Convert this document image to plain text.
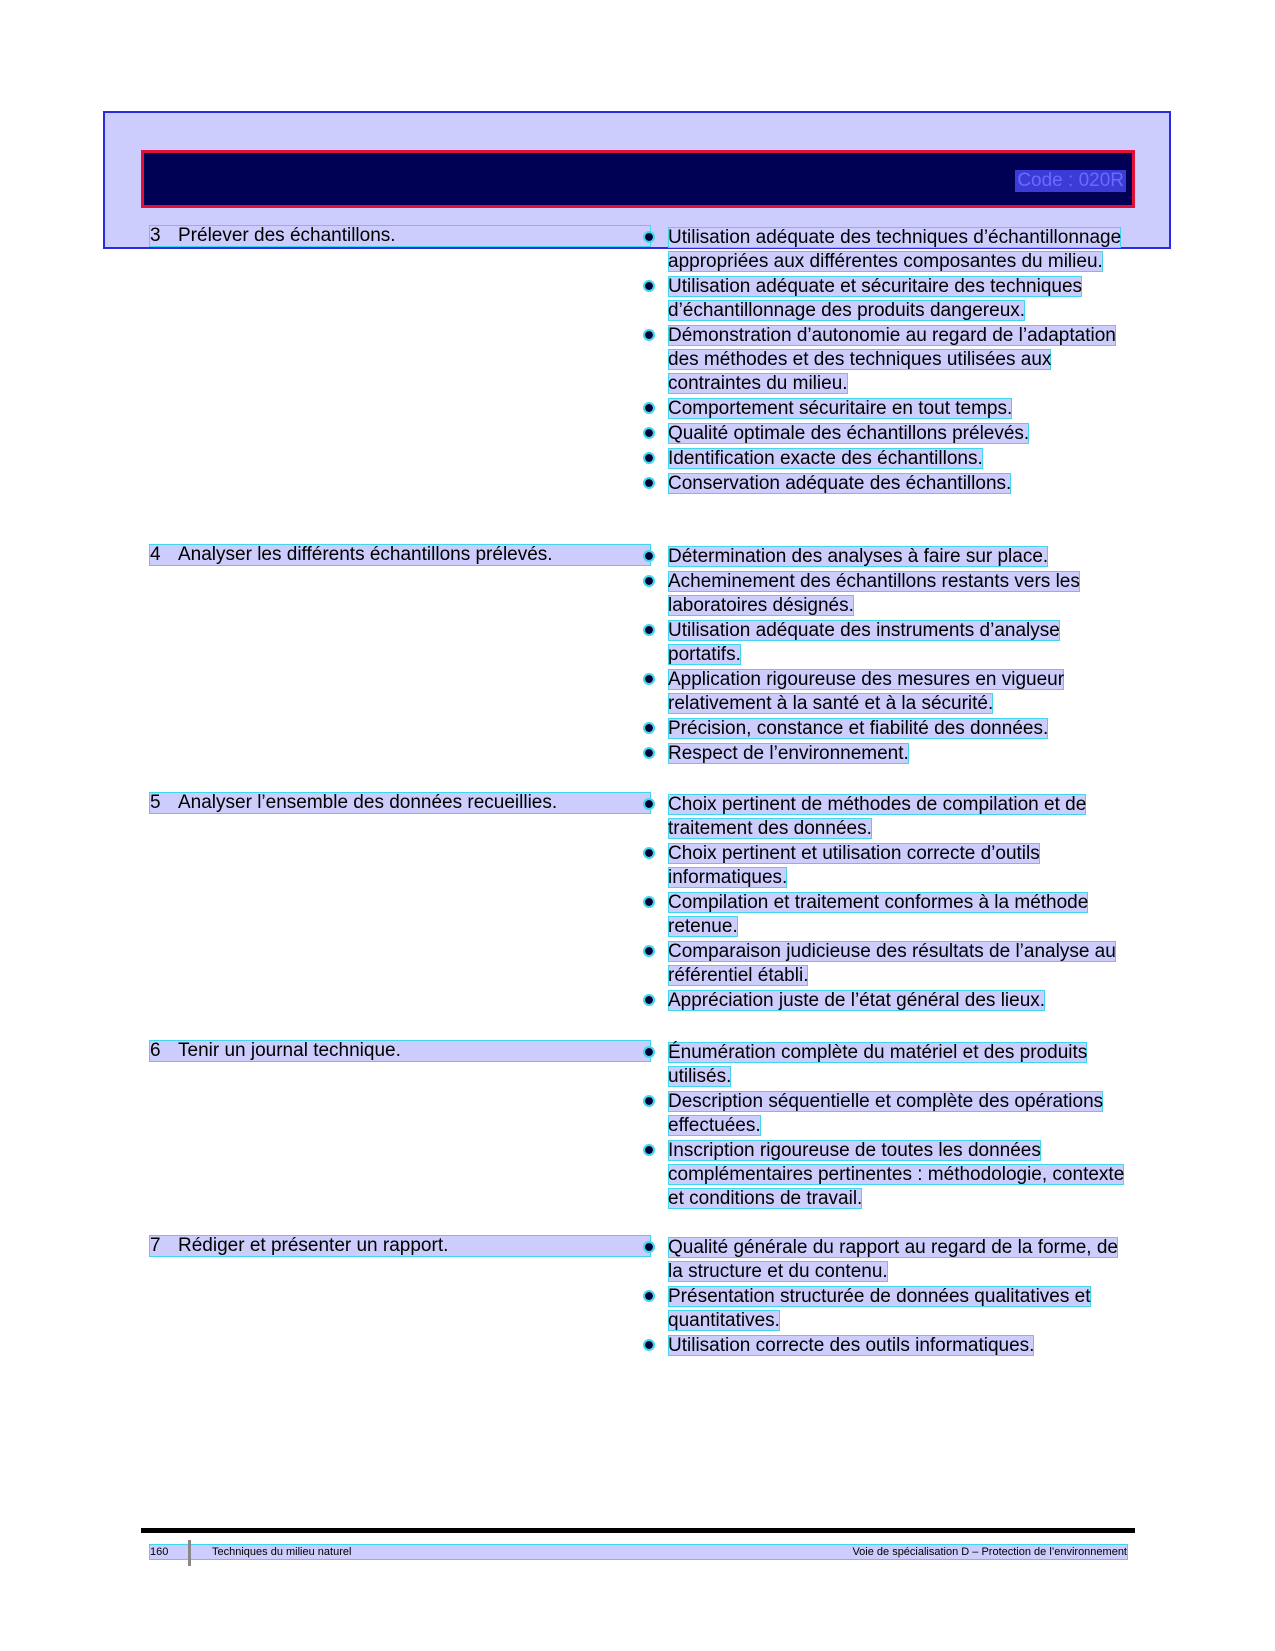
Code : 020R
3 Prélever des échantillons.	Utilisation adéquate des techniques d’échantillonnage appropriées aux différentes composantes du milieu.
Utilisation adéquate et sécuritaire des techniques d’échantillonnage des produits dangereux.
Démonstration d’autonomie au regard de l’adaptation des méthodes et des techniques utilisées aux contraintes du milieu.
Comportement sécuritaire en tout temps.
Qualité optimale des échantillons prélevés.
Identification exacte des échantillons.
Conservation adéquate des échantillons.
4 Analyser les différents échantillons prélevés.	Détermination des analyses à faire sur place.
Acheminement des échantillons restants vers les laboratoires désignés.
Utilisation adéquate des instruments d’analyse portatifs.
Application rigoureuse des mesures en vigueur relativement à la santé et à la sécurité.
Précision, constance et fiabilité des données.
Respect de l’environnement.
5 Analyser l’ensemble des données recueillies.	Choix pertinent de méthodes de compilation et de traitement des données.
Choix pertinent et utilisation correcte d’outils informatiques.
Compilation et traitement conformes à la méthode retenue.
Comparaison judicieuse des résultats de l’analyse au référentiel établi.
Appréciation juste de l’état général des lieux.
6 Tenir un journal technique.	Énumération complète du matériel et des produits utilisés.
Description séquentielle et complète des opérations effectuées.
Inscription rigoureuse de toutes les données complémentaires pertinentes : méthodologie, contexte et conditions de travail.
7 Rédiger et présenter un rapport.	Qualité générale du rapport au regard de la forme, de la structure et du contenu.
Présentation structurée de données qualitatives et quantitatives.
Utilisation correcte des outils informatiques.
160	Techniques du milieu naturel	Voie de spécialisation D – Protection de l’environnement
